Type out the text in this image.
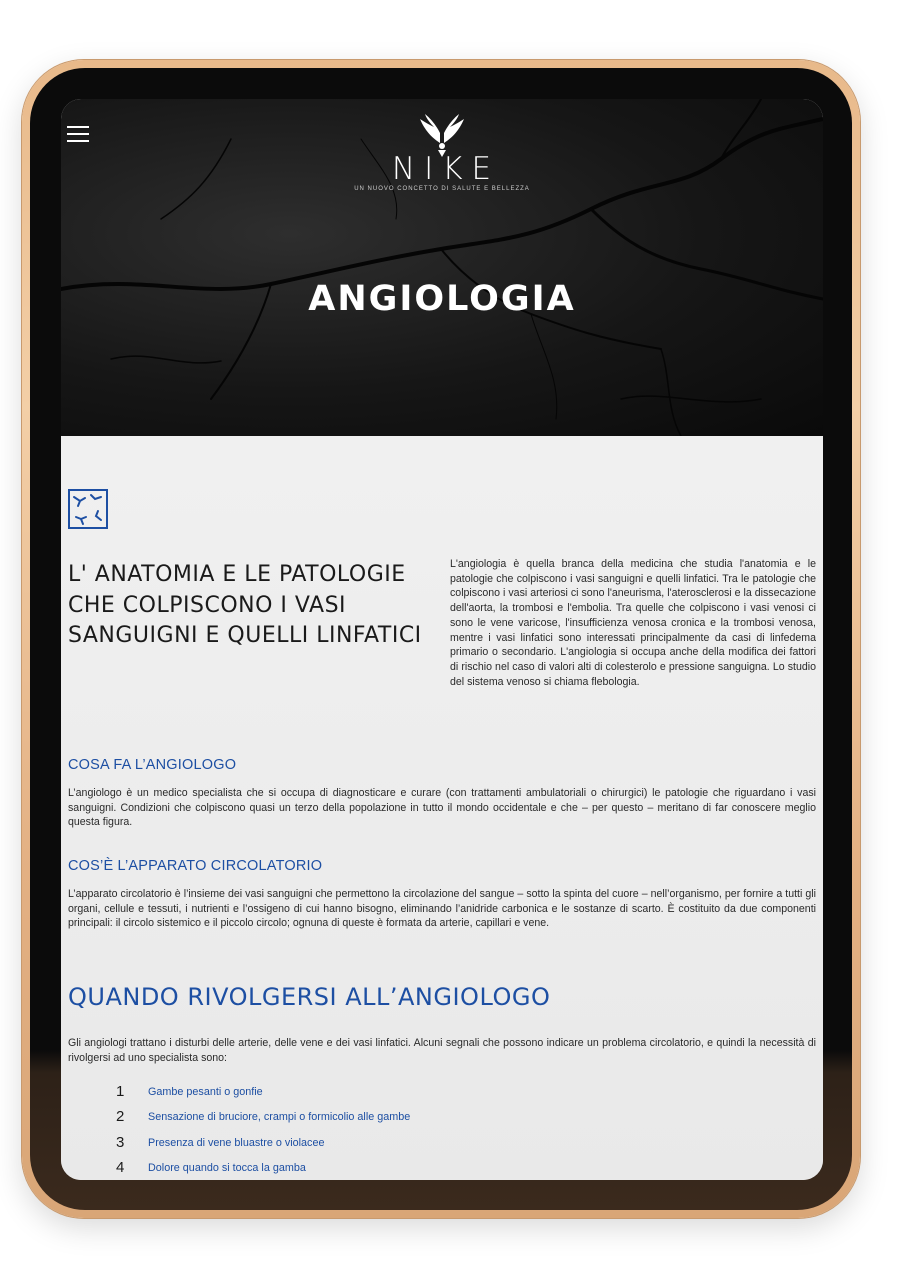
NIKE
UN NUOVO CONCETTO DI SALUTE E BELLEZZA
ANGIOLOGIA
L' ANATOMIA E LE PATOLOGIE CHE COLPISCONO I VASI SANGUIGNI E QUELLI LINFATICI

L'angiologia è quella branca della medicina che studia l'anatomia e le patologie che colpiscono i vasi sanguigni e quelli linfatici. Tra le patologie che colpiscono i vasi arteriosi ci sono l'aneurisma, l'aterosclerosi e la dissecazione dell'aorta, la trombosi e l'embolia. Tra quelle che colpiscono i vasi venosi ci sono le vene varicose, l'insufficienza venosa cronica e la trombosi venosa, mentre i vasi linfatici sono interessati principalmente da casi di linfedema primario o secondario. L'angiologia si occupa anche della modifica dei fattori di rischio nel caso di valori alti di colesterolo e pressione sanguigna. Lo studio del sistema venoso si chiama flebologia.

COSA FA L’ANGIOLOGO

L’angiologo è un medico specialista che si occupa di diagnosticare e curare (con trattamenti ambulatoriali o chirurgici) le patologie che riguardano i vasi sanguigni. Condizioni che colpiscono quasi un terzo della popolazione in tutto il mondo occidentale e che – per questo – meritano di far conoscere meglio questa figura.

COS’È L’APPARATO CIRCOLATORIO

L’apparato circolatorio è l’insieme dei vasi sanguigni che permettono la circolazione del sangue – sotto la spinta del cuore – nell’organismo, per fornire a tutti gli organi, cellule e tessuti, i nutrienti e l’ossigeno di cui hanno bisogno, eliminando l’anidride carbonica e le sostanze di scarto. È costituito da due componenti principali: il circolo sistemico e il piccolo circolo; ognuna di queste è formata da arterie, capillari e vene.

QUANDO RIVOLGERSI ALL’ANGIOLOGO

Gli angiologi trattano i disturbi delle arterie, delle vene e dei vasi linfatici. Alcuni segnali che possono indicare un problema circolatorio, e quindi la necessità di rivolgersi ad uno specialista sono:

1 Gambe pesanti o gonfie
2 Sensazione di bruciore, crampi o formicolio alle gambe
3 Presenza di vene bluastre o violacee
4 Dolore quando si tocca la gamba
